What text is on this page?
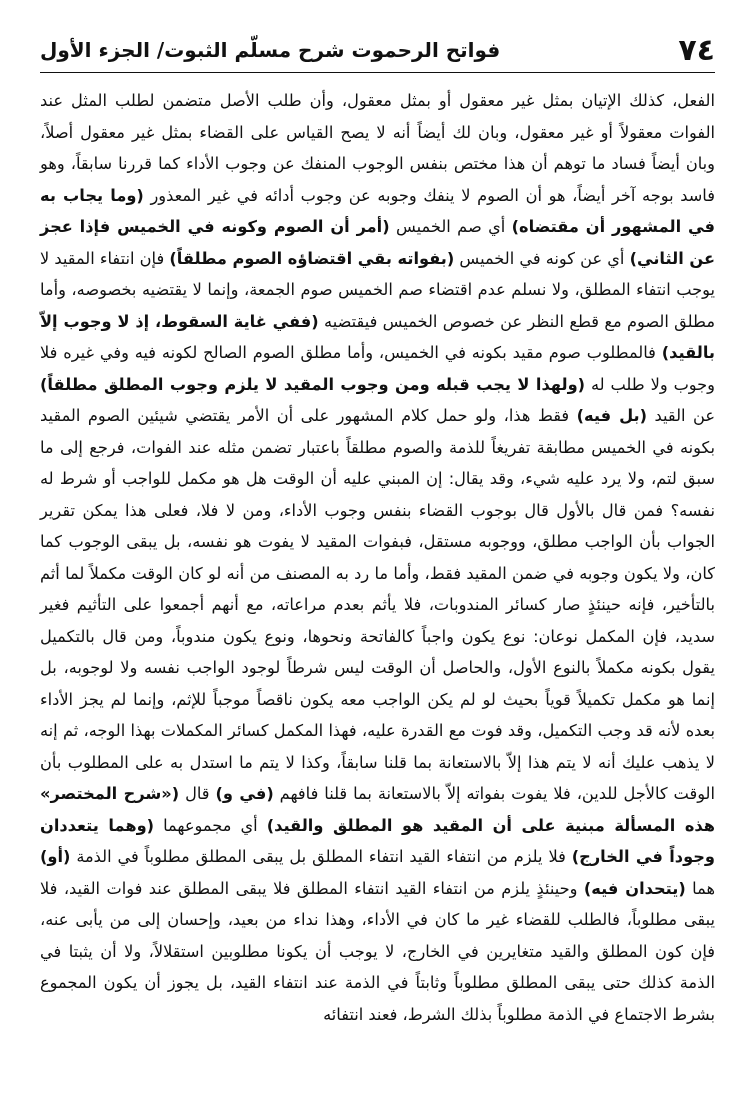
٧٤
فواتح الرحموت شرح مسلّم الثبوت/ الجزء الأول

الفعل، كذلك الإتيان بمثل غير معقول أو بمثل معقول، وأن طلب الأصل متضمن لطلب المثل عند الفوات معقولاً أو غير معقول، وبان لك أيضاً أنه لا يصح القياس على القضاء بمثل غير معقول أصلاً، وبان أيضاً فساد ما توهم أن هذا مختص بنفس الوجوب المنفك عن وجوب الأداء كما قررنا سابقاً، وهو فاسد بوجه آخر أيضاً، هو أن الصوم لا ينفك وجوبه عن وجوب أدائه في غير المعذور (وما يجاب به في المشهور أن مقتضاه) أي صم الخميس (أمر أن الصوم وكونه في الخميس فإذا عجز عن الثاني) أي عن كونه في الخميس (بفواته بقي اقتضاؤه الصوم مطلقاً) فإن انتفاء المقيد لا يوجب انتفاء المطلق، ولا نسلم عدم اقتضاء صم الخميس صوم الجمعة، وإنما لا يقتضيه بخصوصه، وأما مطلق الصوم مع قطع النظر عن خصوص الخميس فيقتضيه (ففي غاية السقوط، إذ لا وجوب إلاّ بالقيد) فالمطلوب صوم مقيد بكونه في الخميس، وأما مطلق الصوم الصالح لكونه فيه وفي غيره فلا وجوب ولا طلب له (ولهذا لا يجب قبله ومن وجوب المقيد لا يلزم وجوب المطلق مطلقاً) عن القيد (بل فيه) فقط هذا، ولو حمل كلام المشهور على أن الأمر يقتضي شيئين الصوم المقيد بكونه في الخميس مطابقة تفريغاً للذمة والصوم مطلقاً باعتبار تضمن مثله عند الفوات، فرجع إلى ما سبق لتم، ولا يرد عليه شيء، وقد يقال: إن المبني عليه أن الوقت هل هو مكمل للواجب أو شرط له نفسه؟ فمن قال بالأول قال بوجوب القضاء بنفس وجوب الأداء، ومن لا فلا، فعلى هذا يمكن تقرير الجواب بأن الواجب مطلق، ووجوبه مستقل، فبفوات المقيد لا يفوت هو نفسه، بل يبقى الوجوب كما كان، ولا يكون وجوبه في ضمن المقيد فقط، وأما ما رد به المصنف من أنه لو كان الوقت مكملاً لما أثم بالتأخير، فإنه حينئذٍ صار كسائر المندوبات، فلا يأثم بعدم مراعاته، مع أنهم أجمعوا على التأثيم فغير سديد، فإن المكمل نوعان: نوع يكون واجباً كالفاتحة ونحوها، ونوع يكون مندوباً، ومن قال بالتكميل يقول بكونه مكملاً بالنوع الأول، والحاصل أن الوقت ليس شرطاً لوجود الواجب نفسه ولا لوجوبه، بل إنما هو مكمل تكميلاً قوياً بحيث لو لم يكن الواجب معه يكون ناقصاً موجباً للإثم، وإنما لم يجز الأداء بعده لأنه قد وجب التكميل، وقد فوت مع القدرة عليه، فهذا المكمل كسائر المكملات بهذا الوجه، ثم إنه لا يذهب عليك أنه لا يتم هذا إلاّ بالاستعانة بما قلنا سابقاً، وكذا لا يتم ما استدل به على المطلوب بأن الوقت كالأجل للدين، فلا يفوت بفواته إلاّ بالاستعانة بما قلنا فافهم (في و) قال («شرح المختصر» هذه المسألة مبنية على أن المقيد هو المطلق والقيد) أي مجموعهما (وهما يتعددان وجوداً في الخارج) فلا يلزم من انتفاء القيد انتفاء المطلق بل يبقى المطلق مطلوباً في الذمة (أو) هما (يتحدان فيه) وحينئذٍ يلزم من انتفاء القيد انتفاء المطلق فلا يبقى المطلق عند فوات القيد، فلا يبقى مطلوباً، فالطلب للقضاء غير ما كان في الأداء، وهذا نداء من بعيد، وإحسان إلى من يأبى عنه، فإن كون المطلق والقيد متغايرين في الخارج، لا يوجب أن يكونا مطلوبين استقلالاً، ولا أن يثبتا في الذمة كذلك حتى يبقى المطلق مطلوباً وثابتاً في الذمة عند انتفاء القيد، بل يجوز أن يكون المجموع بشرط الاجتماع في الذمة مطلوباً بذلك الشرط، فعند انتفائه
